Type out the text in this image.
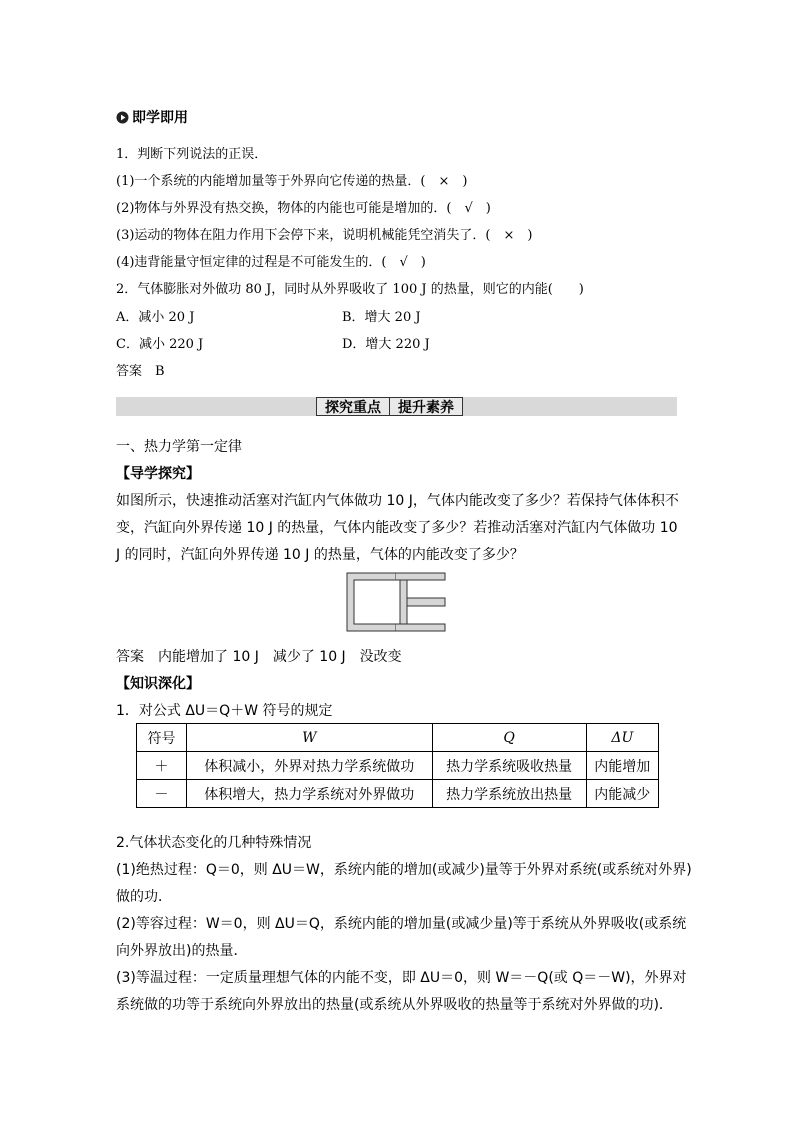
即学即用
1．判断下列说法的正误．
(1)一个系统的内能增加量等于外界向它传递的热量．(　×　)
(2)物体与外界没有热交换，物体的内能也可能是增加的．(　√　)
(3)运动的物体在阻力作用下会停下来，说明机械能凭空消失了．(　×　)
(4)违背能量守恒定律的过程是不可能发生的．(　√　)
2．气体膨胀对外做功 80 J，同时从外界吸收了 100 J 的热量，则它的内能(　　)
A．减小 20 J	B．增大 20 J
C．减小 220 J	D．增大 220 J
答案　B
探究重点 提升素养
一、热力学第一定律
【导学探究】
如图所示，快速推动活塞对汽缸内气体做功 10 J，气体内能改变了多少？若保持气体体积不
变，汽缸向外界传递 10 J 的热量，气体内能改变了多少？若推动活塞对汽缸内气体做功 10
J 的同时，汽缸向外界传递 10 J 的热量，气体的内能改变了多少？
答案　内能增加了 10 J　减少了 10 J　没改变
【知识深化】
1．对公式 ΔU＝Q＋W 符号的规定
符号	W	Q	ΔU
＋	体积减小，外界对热力学系统做功	热力学系统吸收热量	内能增加
－	体积增大，热力学系统对外界做功	热力学系统放出热量	内能减少
2.气体状态变化的几种特殊情况
(1)绝热过程：Q＝0，则 ΔU＝W，系统内能的增加(或减少)量等于外界对系统(或系统对外界)
做的功．
(2)等容过程：W＝0，则 ΔU＝Q，系统内能的增加量(或减少量)等于系统从外界吸收(或系统
向外界放出)的热量．
(3)等温过程：一定质量理想气体的内能不变，即 ΔU＝0，则 W＝－Q(或 Q＝－W)，外界对
系统做的功等于系统向外界放出的热量(或系统从外界吸收的热量等于系统对外界做的功)．
